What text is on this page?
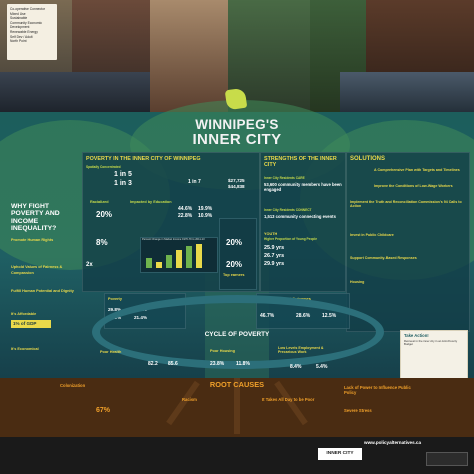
Co-operative Connector
Mixed Use
Sustainable
Community Economic
Development
Renewable Energy
Self Dev / Adult
North Point
WINNIPEG'S
INNER CITY
POVERTY IN THE INNER CITY OF WINNIPEG
Spatially Concentrated
1 in 5
1 in 3	1 in 7	$27,725
$44,838
Racialized
20%
8%
2x
Impacted by Education
44.6% 19.9%
22.8% 10.9%
Percent Change in Market Income 1976-79 to 2011-13	20%
20%
Top earners
WHY FIGHT POVERTY AND INCOME INEQUALITY?
Promote Human Rights
Uphold Values of Fairness & Compassion
Fulfill Human Potential and Dignity
It's Affordable
1% of GDP
It's Economical
STRENGTHS OF THE INNER CITY
Inner City Residents CARE
53,600 community members have been engaged
Inner City Residents CONNECT
1,513 community connecting events
YOUTH
Higher Proportion of Young People
25.9 yrs
26.7 yrs
29.9 yrs
SOLUTIONS
A Comprehensive Plan with Targets and Timelines
Improve the Conditions of Low-Wage Workers
Implement the Truth and Reconciliation Commission's 94 Calls to Action
Invest in Public Childcare
Support Community-Based Responses
Housing
Take Action!
Reinvest in the inner city in an Anti-Poverty Budget
Poverty
29.8%	11.7%
60.2%	21.4%
Poor Educational Outcomes
46.7%	28.6% 12.5%
CYCLE OF POVERTY
Poor Health
82.2 85.6
Poor Housing
23.8% 11.8%
Low Levels Employment & Precarious Work
8.4%	5.4%
ROOT CAUSES
Colonization
67%
Racism	It Takes All Day to be Poor
Lack of Power to Influence Public Policy
Severe Stress
INNER CITY
www.policyalternatives.ca
